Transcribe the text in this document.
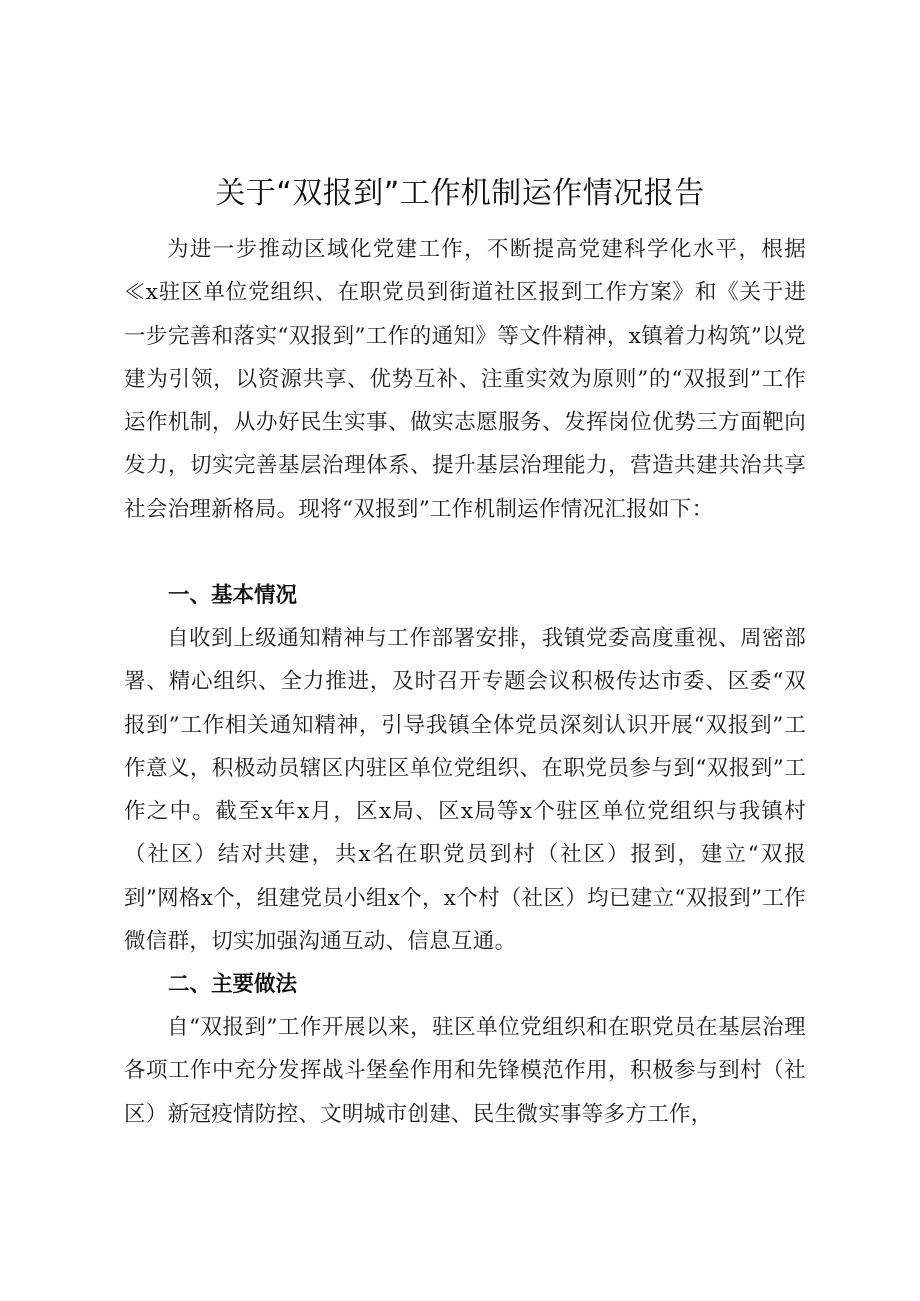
关于“双报到”工作机制运作情况报告

为进一步推动区域化党建工作，不断提高党建科学化水平，根据≪x驻区单位党组织、在职党员到街道社区报到工作方案》和《关于进一步完善和落实“双报到”工作的通知》等文件精神，x镇着力构筑”以党建为引领，以资源共享、优势互补、注重实效为原则”的“双报到”工作运作机制，从办好民生实事、做实志愿服务、发挥岗位优势三方面靶向发力，切实完善基层治理体系、提升基层治理能力，营造共建共治共享社会治理新格局。现将“双报到”工作机制运作情况汇报如下：

一、基本情况

自收到上级通知精神与工作部署安排，我镇党委高度重视、周密部署、精心组织、全力推进，及时召开专题会议积极传达市委、区委“双报到”工作相关通知精神，引导我镇全体党员深刻认识开展“双报到”工作意义，积极动员辖区内驻区单位党组织、在职党员参与到“双报到”工作之中。截至x年x月，区x局、区x局等x个驻区单位党组织与我镇村（社区）结对共建，共x名在职党员到村（社区）报到，建立“双报到”网格x个，组建党员小组x个，x个村（社区）均已建立“双报到”工作微信群，切实加强沟通互动、信息互通。

二、主要做法

自“双报到”工作开展以来，驻区单位党组织和在职党员在基层治理各项工作中充分发挥战斗堡垒作用和先锋模范作用，积极参与到村（社区）新冠疫情防控、文明城市创建、民生微实事等多方工作，
